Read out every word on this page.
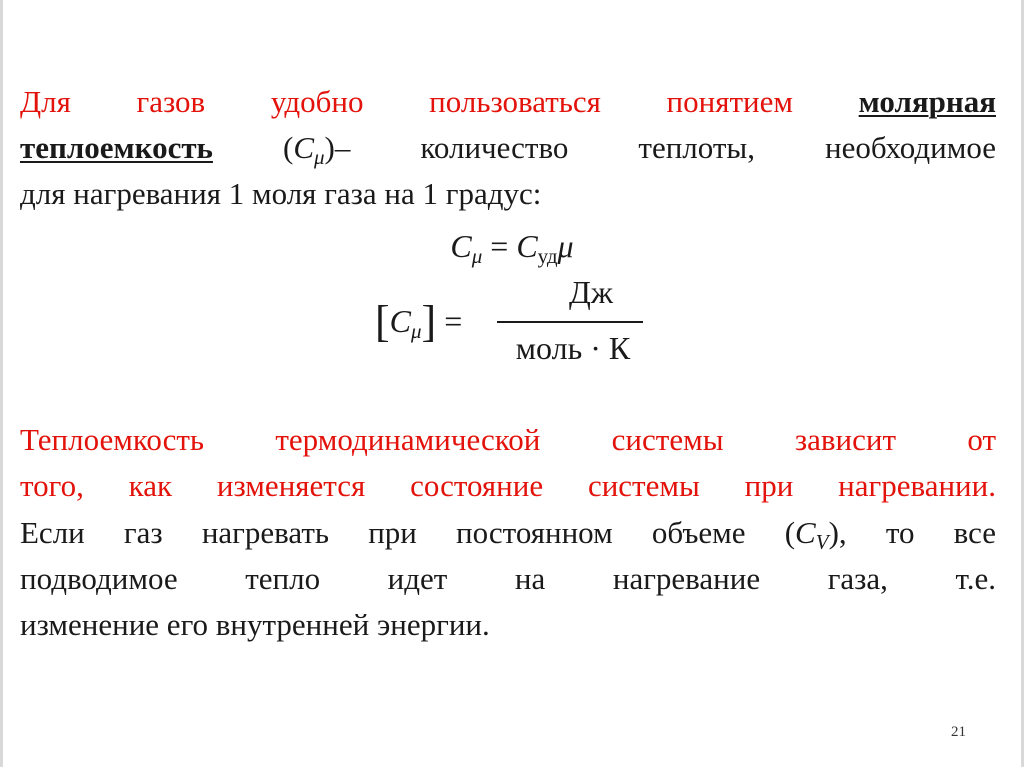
Для газов удобно пользоваться понятием молярная
теплоемкость $(C_\mu)-$ количество теплоты, необходимое
для нагревания 1 моля газа на 1 градус:
$C_\mu = Cуд\mu$
$[C_\mu]$ =
Дж
моль · К
Теплоемкость термодинамической системы зависит от
того, как изменяется состояние системы при нагревании.
Если газ нагревать при постоянном объеме $(C_V)$, то все
подводимое тепло идет на нагревание газа, т.е.
изменение его внутренней энергии.
21
